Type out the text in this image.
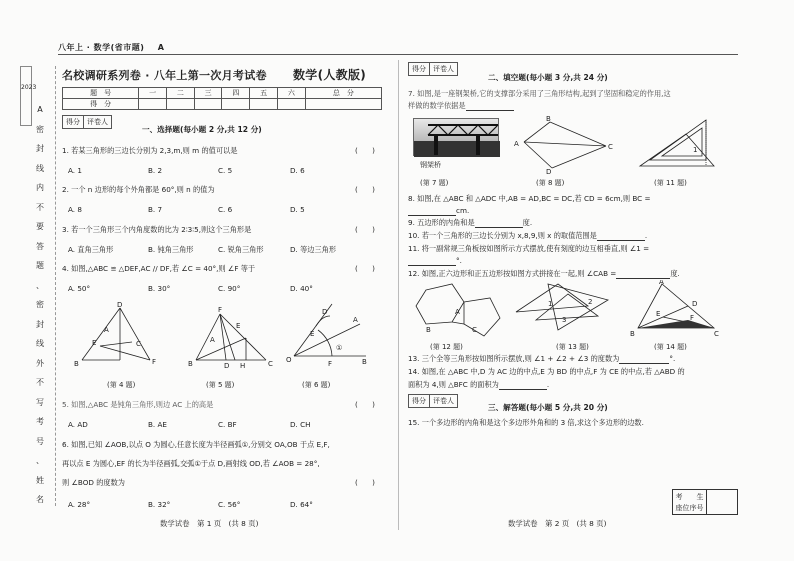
八年上 · 数学(省市题) A
2023
A
密
封
线
内
不
要
答
题
、
密
封
线
外
不
写
考
号
、
姓
名
名校调研系列卷 · 八年上第一次月考试卷 数学(人教版)
题　号	一	二	三	四	五	六	总　分
得　分							
得分	评卷人
一、选择题(每小题 2 分,共 12 分)
1. 若某三角形的三边长分别为 2,3,m,则 m 的值可以是	(　　)
A. 1	B. 2	C. 5	D. 6
2. 一个 n 边形的每个外角都是 60°,则 n 的值为	(　　)
A. 8	B. 7	C. 6	D. 5
3. 若一个三角形三个内角度数的比为 2∶3∶5,则这个三角形是	(　　)
A. 直角三角形	B. 钝角三角形	C. 锐角三角形	D. 等边三角形
4. 如图,△ABC ≌ △DEF,AC // DF,若 ∠C = 40°,则 ∠F 等于	(　　)
A. 50°	B. 30°	C. 90°	D. 40°
D
A
E
B
C
F
F
E
A
B	D H	C O
D
E
A
①
F	B
(第 4 题)	(第 5 题)	(第 6 题)
5. 如图,△ABC 是钝角三角形,则边 AC 上的高是	(　　)
A. AD	B. AE	C. BF	D. CH
6. 如图,已知 ∠AOB,以点 O 为圆心,任意长度为半径画弧①,分别交 OA,OB 于点 E,F,
再以点 E 为圆心,EF 的长为半径画弧,交弧①于点 D,画射线 OD,若 ∠AOB = 28°,
则 ∠BOD 的度数为	(　　)
A. 28°	B. 32°	C. 56°	D. 64°
数学试卷　第 1 页　(共 8 页)
得分	评卷人
二、填空题(每小题 3 分,共 24 分)
7. 如图,是一座钢架桥,它的支撑部分采用了三角形结构,起到了坚固和稳定的作用,这
样做的数学依据是
钢架桥
B
A	C
D
1
(第 8 题)
(第 7 题)	(第 11 题)
8. 如图,在 △ABC 和 △ADC 中,AB = AD,BC = DC,若 CD = 6cm,则 BC =
cm.
9. 五边形的内角和是	度.
10. 若一个三角形的三边长分别为 x,8,9,则 x 的取值范围是	.
11. 将一副常规三角板按如图所示方式摆放,使有刻度的边互相垂直,则 ∠1 =
°.
12. 如图,正六边形和正五边形按如图方式拼接在一起,则 ∠CAB =	度.
A
B	C
1	2
3
A
D
E	F
B	C
(第 12 题)	(第 13 题)	(第 14 题)
13. 三个全等三角形按如图所示摆放,则 ∠1 + ∠2 + ∠3 的度数为	°.
14. 如图,在 △ABC 中,D 为 AC 边的中点,E 为 BD 的中点,F 为 CE 的中点,若 △ABD 的
面积为 4,则 △BFC 的面积为	.
得分	评卷人
三、解答题(每小题 5 分,共 20 分)
15. 一个多边形的内角和是这个多边形外角和的 3 倍,求这个多边形的边数.
考　　生
座位序号
数学试卷　第 2 页　(共 8 页)
